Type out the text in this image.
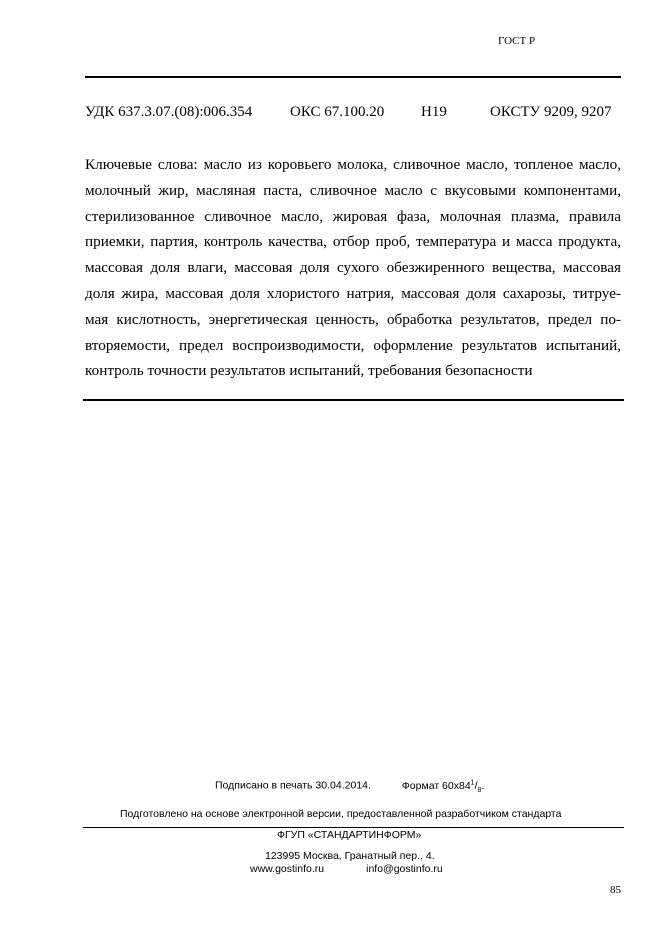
ГОСТ Р
УДК 637.3.07.(08):006.354	ОКС 67.100.20 Н19	ОКСТУ 9209, 9207
Ключевые слова: масло из коровьего молока, сливочное масло, топленое масло,
молочный жир, масляная паста, сливочное масло с вкусовыми компонентами,
стерилизованное сливочное масло, жировая фаза, молочная плазма, правила
приемки, партия, контроль качества, отбор проб, температура и масса продукта,
массовая доля влаги, массовая доля сухого обезжиренного вещества, массовая
доля жира, массовая доля хлористого натрия, массовая доля сахарозы, титруе-
мая кислотность, энергетическая ценность, обработка результатов, предел по-
вторяемости, предел воспроизводимости, оформление результатов испытаний,
контроль точности результатов испытаний, требования безопасности
Подписано в печать 30.04.2014.	Формат $60x84^1/_8$.
Подготовлено на основе электронной версии, предоставленной разработчиком стандарта
ФГУП «СТАНДАРТИНФОРМ»
123995 Москва, Гранатный пер., 4.
www.gostinfo.ru	info@gostinfo.ru
85
